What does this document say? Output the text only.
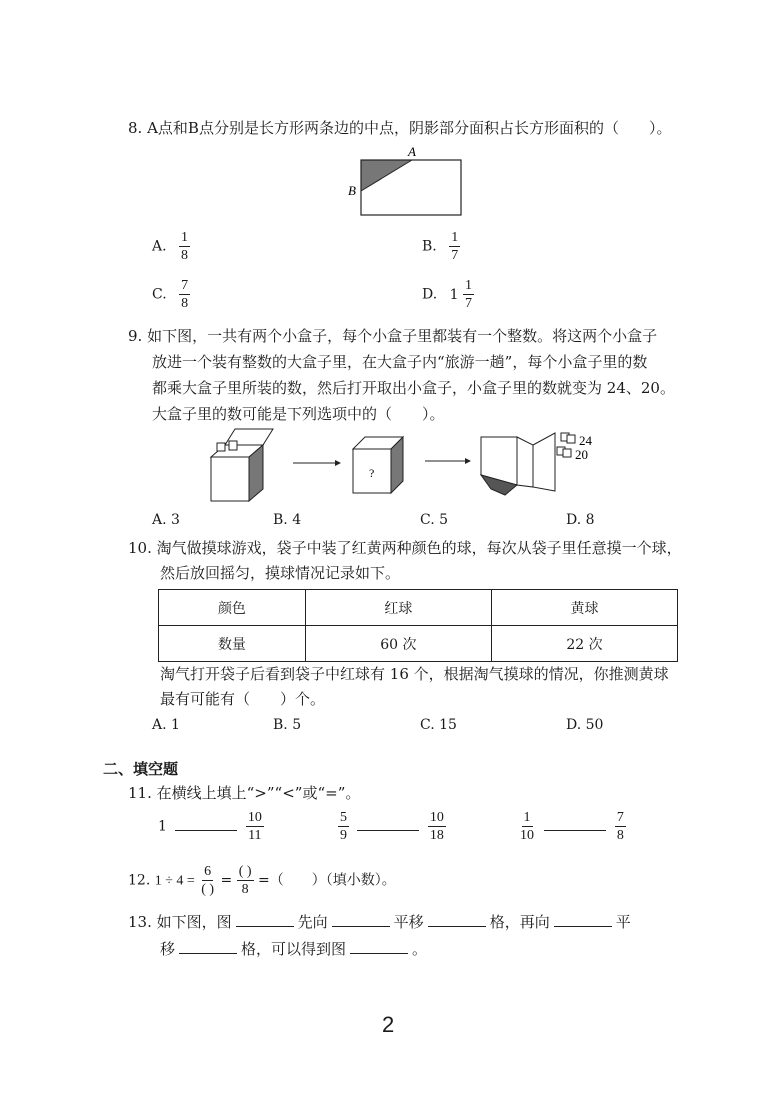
8. A点和B点分别是长方形两条边的中点，阴影部分面积占长方形面积的（　　）。
A
B
A. $\frac{1}{8}$	B. $\frac{1}{7}$
C. $\frac{7}{8}$	D. $1 \frac{1}{7}$
9. 如下图，一共有两个小盒子，每个小盒子里都装有一个整数。将这两个小盒子
放进一个装有整数的大盒子里，在大盒子内“旅游一趟”，每个小盒子里的数
都乘大盒子里所装的数，然后打开取出小盒子，小盒子里的数就变为 24、20。
大盒子里的数可能是下列选项中的（　　）。
?
24
20
A. 3	B. 4	C. 5	D. 8
10. 淘气做摸球游戏，袋子中装了红黄两种颜色的球，每次从袋子里任意摸一个球，
然后放回摇匀，摸球情况记录如下。
颜色	红球	黄球
数量	60 次	22 次
淘气打开袋子后看到袋子中红球有 16 个，根据淘气摸球的情况，你推测黄球
最有可能有（　　）个。
A. 1	B. 5	C. 15	D. 50
二、填空题
11. 在横线上填上“>”“<”或“=”。
1	$\frac{10}{11}$	$\frac{5}{9}$
	$\frac{10}{18}$	$\frac{1}{10}$
	$\frac{7}{8}$
12. $1 \div 4 = \frac{6}{( )} = \frac{( )}{8}$ =（　　）（填小数）。
13. 如下图，图	先向	平移	格，再向	平
移	格，可以得到图	。
2
